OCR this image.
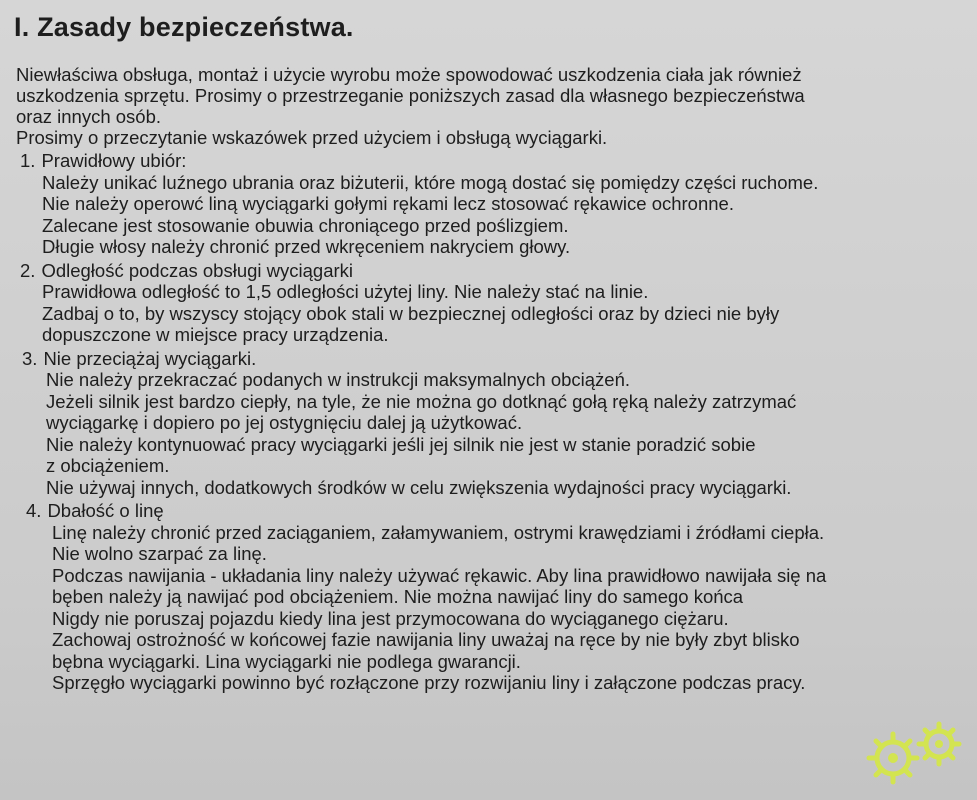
I. Zasady bezpieczeństwa.

Niewłaściwa obsługa, montaż i użycie wyrobu może spowodować uszkodzenia ciała jak również

uszkodzenia sprzętu. Prosimy o przestrzeganie poniższych zasad dla własnego bezpieczeństwa

oraz innych osób.

Prosimy o przeczytanie wskazówek przed użyciem i obsługą wyciągarki.

1. Prawidłowy ubiór:
Należy unikać luźnego ubrania oraz biżuterii, które mogą dostać się pomiędzy części ruchome.
Nie należy operowć liną wyciągarki gołymi rękami lecz stosować rękawice ochronne.
Zalecane jest stosowanie obuwia chroniącego przed poślizgiem.
Długie włosy należy chronić przed wkręceniem nakryciem głowy.
2. Odległość podczas obsługi wyciągarki
Prawidłowa odległość to 1,5 odległości użytej liny. Nie należy stać na linie.
Zadbaj o to, by wszyscy stojący obok stali w bezpiecznej odległości oraz by dzieci nie były
dopuszczone w miejsce pracy urządzenia.
3. Nie przeciążaj wyciągarki.
Nie należy przekraczać podanych w instrukcji maksymalnych obciążeń.
Jeżeli silnik jest bardzo ciepły, na tyle, że nie można go dotknąć gołą ręką należy zatrzymać
wyciągarkę i dopiero po jej ostygnięciu dalej ją użytkować.
Nie należy kontynuować pracy wyciągarki jeśli jej silnik nie jest w stanie poradzić sobie
z obciążeniem.
Nie używaj innych, dodatkowych środków w celu zwiększenia wydajności pracy wyciągarki.
4. Dbałość o linę
Linę należy chronić przed zaciąganiem, załamywaniem, ostrymi krawędziami i źródłami ciepła.
Nie wolno szarpać za linę.
Podczas nawijania - układania liny należy używać rękawic. Aby lina prawidłowo nawijała się na
bęben należy ją nawijać pod obciążeniem. Nie można nawijać liny do samego końca
Nigdy nie poruszaj pojazdu kiedy lina jest przymocowana do wyciąganego ciężaru.
Zachowaj ostrożność w końcowej fazie nawijania liny uważaj na ręce by nie były zbyt blisko
bębna wyciągarki. Lina wyciągarki nie podlega gwarancji.
Sprzęgło wyciągarki powinno być rozłączone przy rozwijaniu liny i załączone podczas pracy.
